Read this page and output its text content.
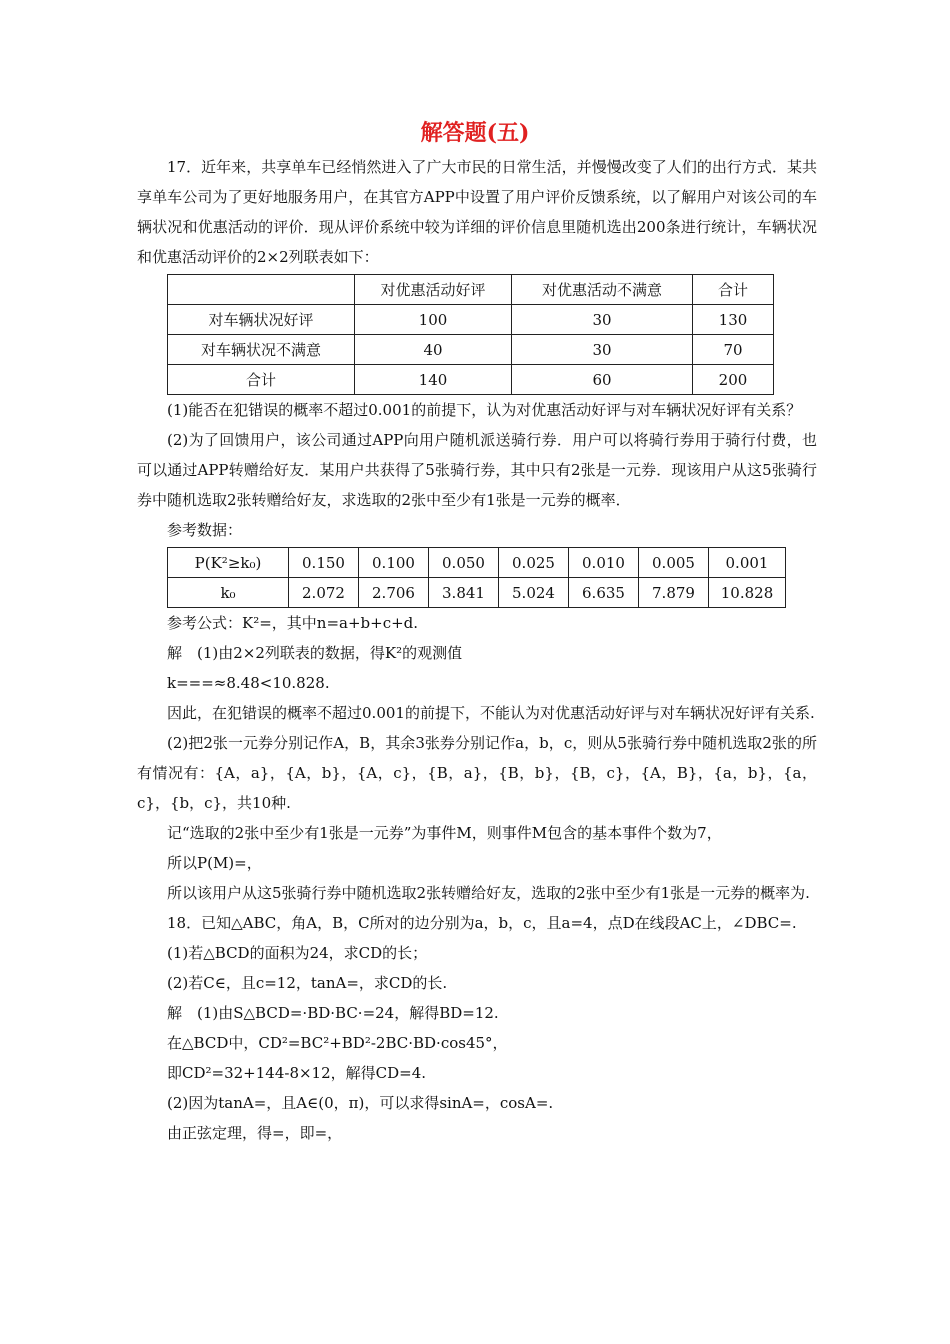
解答题(五)

17．近年来，共享单车已经悄然进入了广大市民的日常生活，并慢慢改变了人们的出行方式．某共享单车公司为了更好地服务用户，在其官方APP中设置了用户评价反馈系统，以了解用户对该公司的车辆状况和优惠活动的评价．现从评价系统中较为详细的评价信息里随机选出200条进行统计，车辆状况和优惠活动评价的2×2列联表如下：

	对优惠活动好评	对优惠活动不满意	合计
对车辆状况好评	100	30	130
对车辆状况不满意	40	30	70
合计	140	60	200

(1)能否在犯错误的概率不超过0.001的前提下，认为对优惠活动好评与对车辆状况好评有关系？

(2)为了回馈用户，该公司通过APP向用户随机派送骑行券．用户可以将骑行券用于骑行付费，也可以通过APP转赠给好友．某用户共获得了5张骑行券，其中只有2张是一元券．现该用户从这5张骑行券中随机选取2张转赠给好友，求选取的2张中至少有1张是一元券的概率．

参考数据：

P(K²≥k₀)	0.150	0.100	0.050	0.025	0.010	0.005	0.001
k₀	2.072	2.706	3.841	5.024	6.635	7.879	10.828

参考公式：K²=，其中n=a+b+c+d.

解　(1)由2×2列联表的数据，得K²的观测值

k===≈8.48<10.828.

因此，在犯错误的概率不超过0.001的前提下，不能认为对优惠活动好评与对车辆状况好评有关系.

(2)把2张一元券分别记作A，B，其余3张券分别记作a，b，c，则从5张骑行券中随机选取2张的所有情况有：{A，a}，{A，b}，{A，c}，{B，a}，{B，b}，{B，c}，{A，B}，{a，b}，{a，c}，{b，c}，共10种.

记“选取的2张中至少有1张是一元券”为事件M，则事件M包含的基本事件个数为7，

所以P(M)=，

所以该用户从这5张骑行券中随机选取2张转赠给好友，选取的2张中至少有1张是一元券的概率为.

18．已知△ABC，角A，B，C所对的边分别为a，b，c，且a=4，点D在线段AC上，∠DBC=.

(1)若△BCD的面积为24，求CD的长；

(2)若C∈，且c=12，tanA=，求CD的长.

解　(1)由S△BCD=·BD·BC·=24，解得BD=12.

在△BCD中，CD²=BC²+BD²-2BC·BD·cos45°，

即CD²=32+144-8×12，解得CD=4.

(2)因为tanA=，且A∈(0，π)，可以求得sinA=，cosA=.

由正弦定理，得=，即=，
